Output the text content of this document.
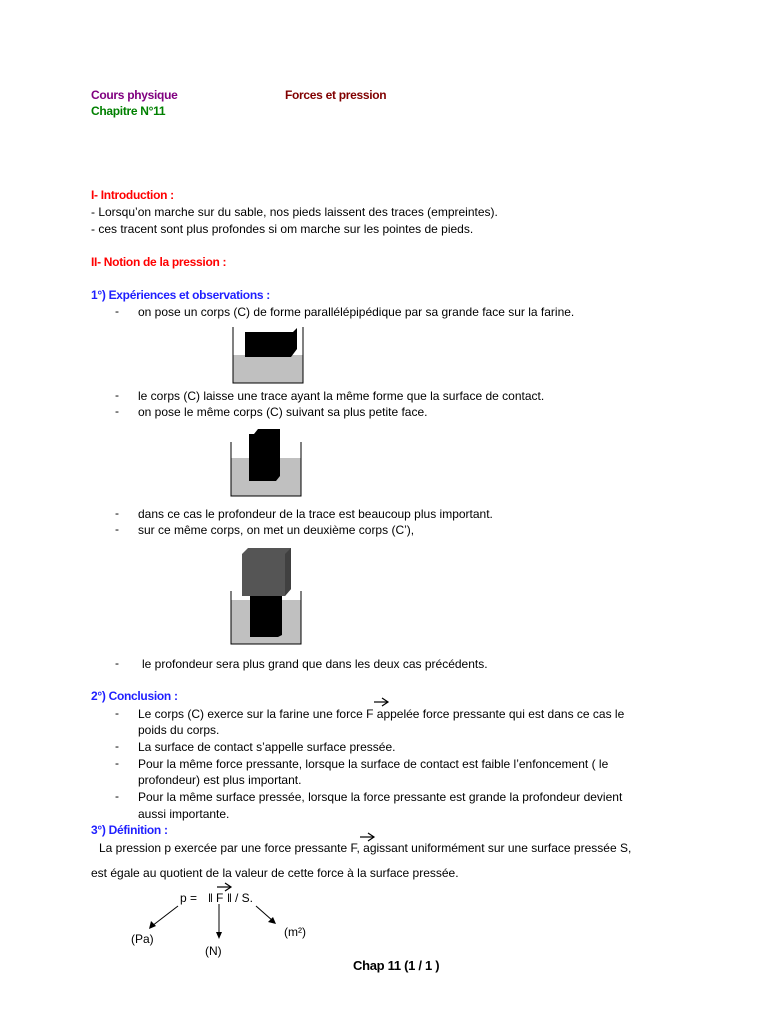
Cours physique
Chapitre N°11
Forces et pression
I- Introduction :
- Lorsqu’on marche sur du sable, nos pieds laissent des traces (empreintes).
- ces tracent sont plus profondes si om marche sur les pointes de pieds.
II- Notion de la pression :
1°) Expériences et observations :
- on pose un corps (C) de forme parallélépipédique par sa grande face sur la farine.
- le corps (C) laisse une trace ayant la même forme que la surface de contact.
- on pose le même corps (C) suivant sa plus petite face.
- dans ce cas le profondeur de la trace est beaucoup plus important.
- sur ce même corps, on met un deuxième corps (C’),
- le profondeur sera plus grand que dans les deux cas précédents.
2°) Conclusion :
- Le corps (C) exerce sur la farine une force F appelée force pressante qui est dans ce cas le
poids du corps.
- La surface de contact s’appelle surface pressée.
- Pour la même force pressante, lorsque la surface de contact est faible l’enfoncement ( le
profondeur) est plus important.
- Pour la même surface pressée, lorsque la force pressante est grande la profondeur devient
aussi importante.
3°) Définition :
La pression p exercée par une force pressante F, agissant uniformément sur une surface pressée S,
est égale au quotient de la valeur de cette force à la surface pressée.
p = ‖ F ‖ / S.
(Pa)
(N)
(m²)
Chap 11 (1 / 1 )
